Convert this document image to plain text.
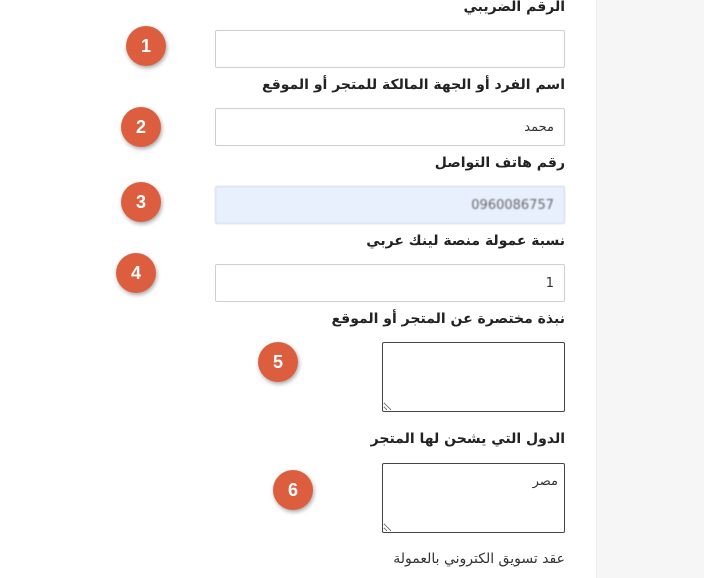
الرقم الضريبي
1
اسم الفرد أو الجهة المالكة للمتجر أو الموقع
محمد
2
رقم هاتف التواصل
0960086757
3
نسبة عمولة منصة لينك عربي
1
4
نبذة مختصرة عن المتجر أو الموقع
5
الدول التي يشحن لها المتجر
مصر
6
عقد تسويق الكتروني بالعمولة
